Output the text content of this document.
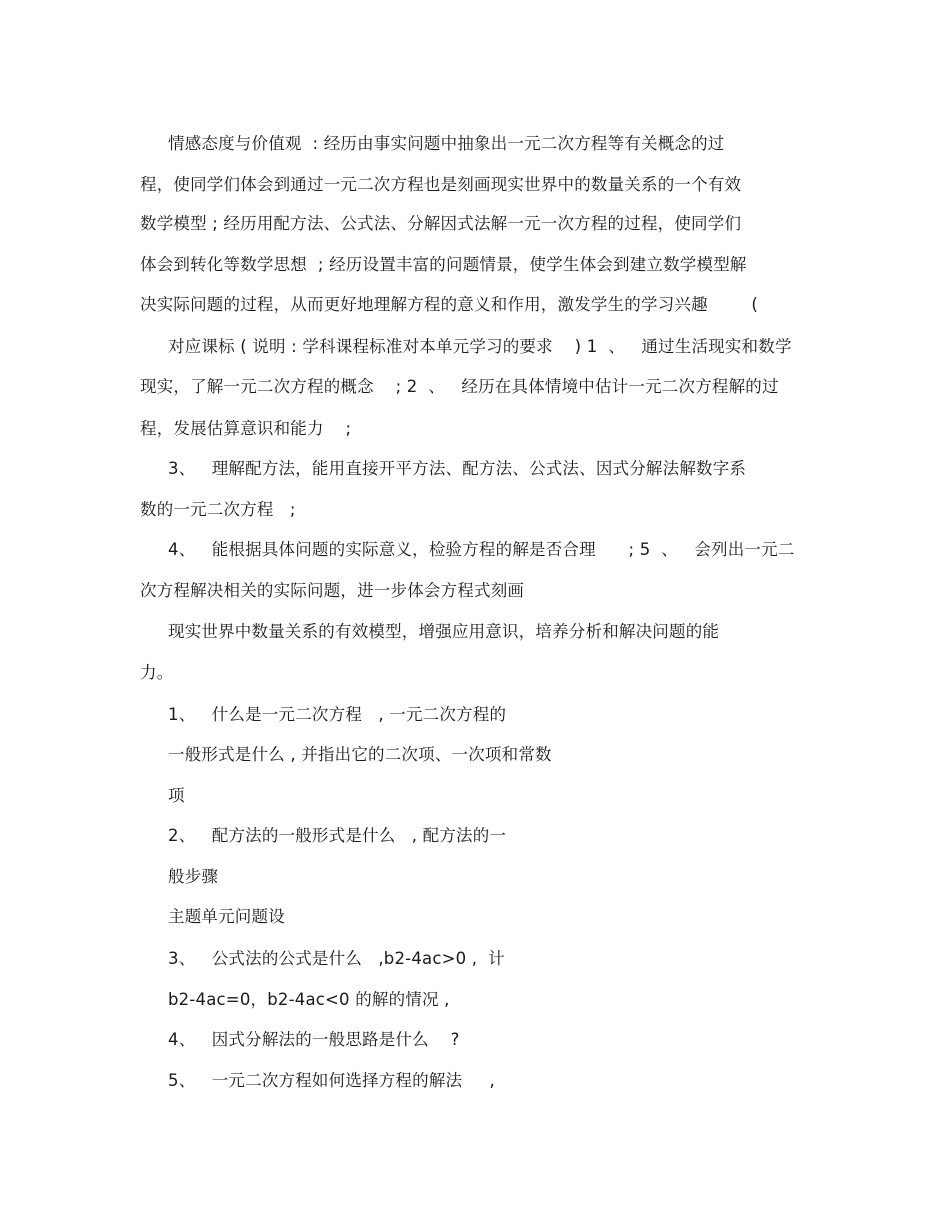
情感态度与价值观  : 经历由事实问题中抽象出一元二次方程等有关概念的过
程，使同学们体会到通过一元二次方程也是刻画现实世界中的数量关系的一个有效
数学模型 ; 经历用配方法、公式法、分解因式法解一元一次方程的过程，使同学们
体会到转化等数学思想  ; 经历设置丰富的问题情景，使学生体会到建立数学模型解
决实际问题的过程，从而更好地理解方程的意义和作用，激发学生的学习兴趣        (
对应课标 ( 说明 : 学科课程标准对本单元学习的要求    ) 1  、   通过生活现实和数学
现实，了解一元二次方程的概念    ; 2  、   经历在具体情境中估计一元二次方程解的过
程，发展估算意识和能力    ;
3、   理解配方法，能用直接开平方法、配方法、公式法、因式分解法解数字系
数的一元二次方程   ;
4、   能根据具体问题的实际意义，检验方程的解是否合理      ; 5  、   会列出一元二
次方程解决相关的实际问题，进一步体会方程式刻画
现实世界中数量关系的有效模型，增强应用意识，培养分析和解决问题的能
力。
1、   什么是一元二次方程   , 一元二次方程的
一般形式是什么 , 并指出它的二次项、一次项和常数
项
2、   配方法的一般形式是什么   , 配方法的一
般步骤
主题单元问题设
3、   公式法的公式是什么   ,b2-4ac>0 ,  计
b2-4ac=0，b2-4ac<0 的解的情况 ,
4、   因式分解法的一般思路是什么    ?
5、   一元二次方程如何选择方程的解法     ,
